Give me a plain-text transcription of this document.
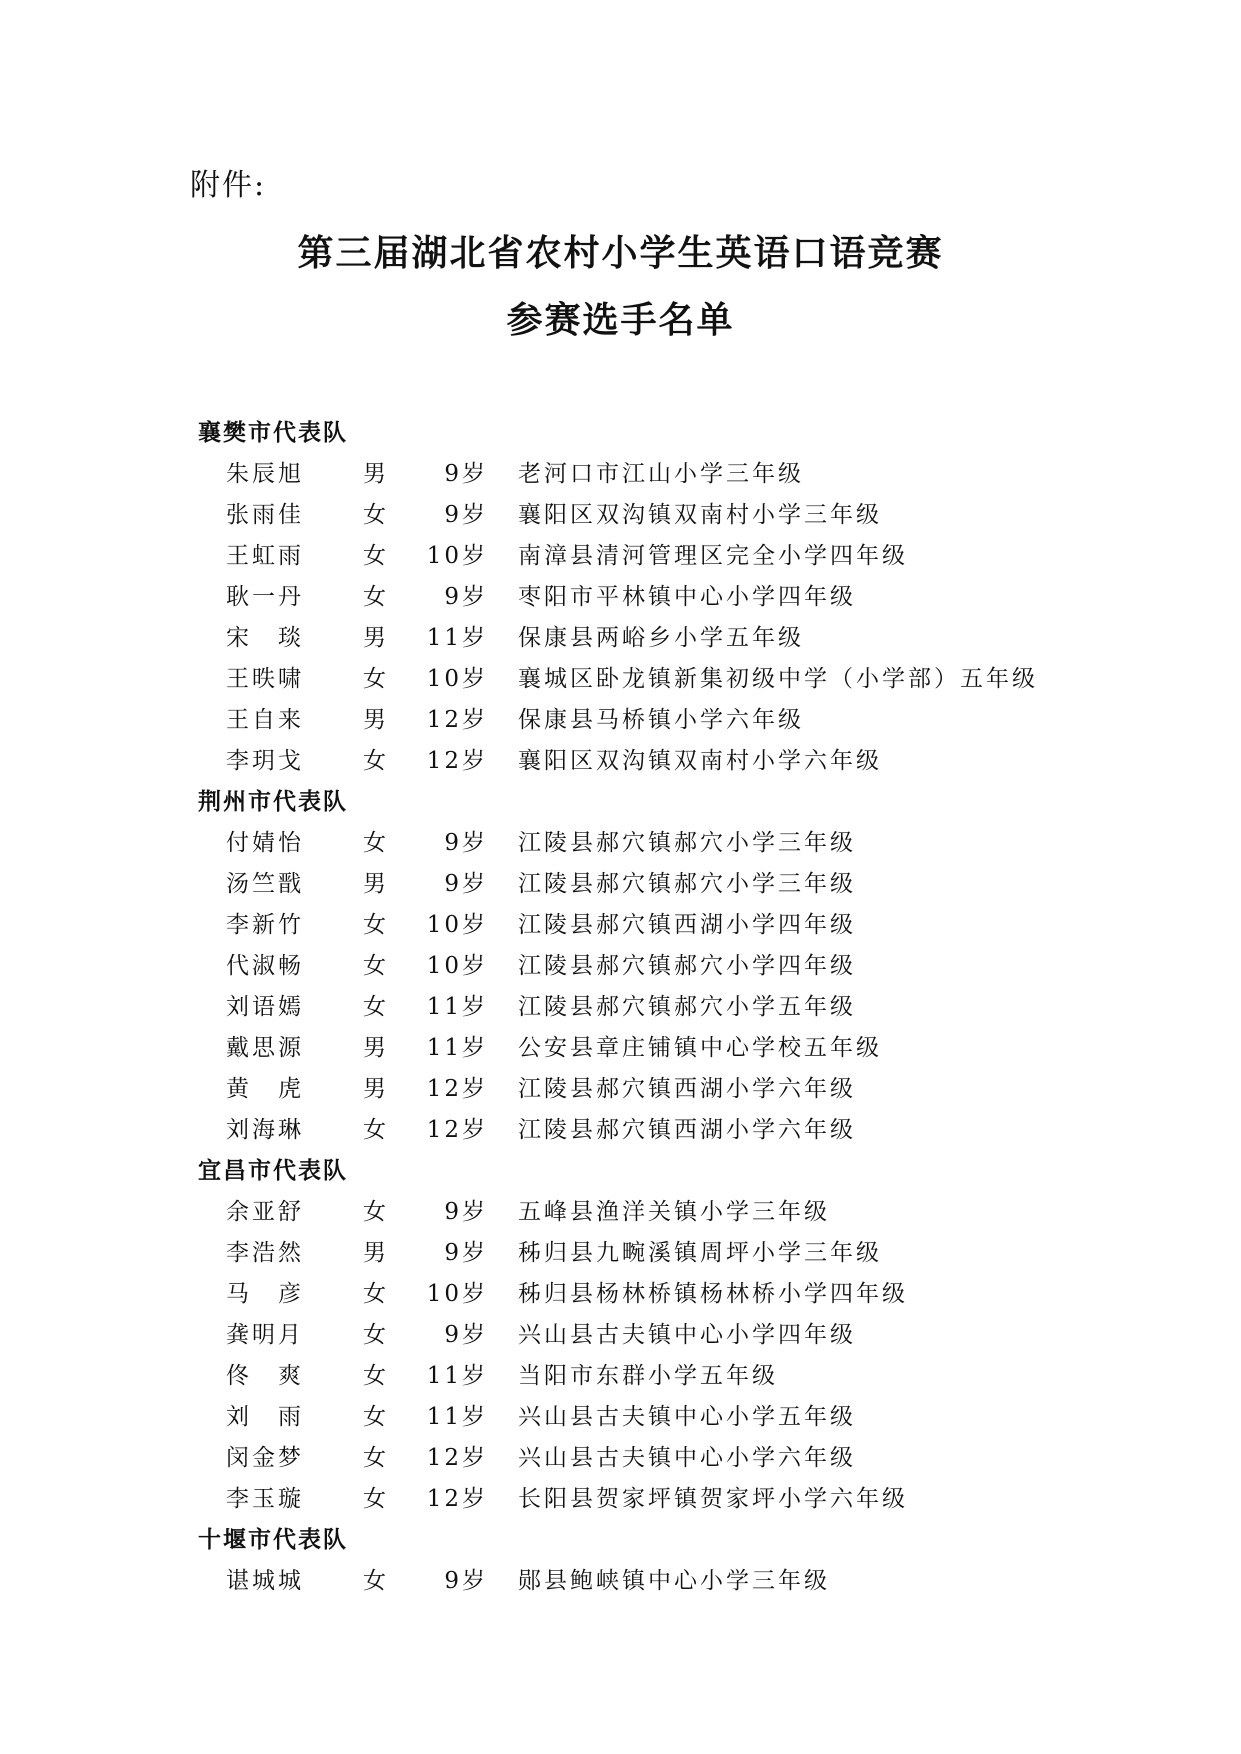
附件:
第三届湖北省农村小学生英语口语竞赛
参赛选手名单
襄樊市代表队
朱辰旭	男	9岁 老河口市江山小学三年级
张雨佳	女	9岁 襄阳区双沟镇双南村小学三年级
王虹雨	女 10岁 南漳县清河管理区完全小学四年级
耿一丹	女	9岁 枣阳市平林镇中心小学四年级
宋　琰	男 11岁 保康县两峪乡小学五年级
王昳啸	女 10岁 襄城区卧龙镇新集初级中学（小学部）五年级
王自来	男 12岁 保康县马桥镇小学六年级
李玥戈	女 12岁 襄阳区双沟镇双南村小学六年级
荆州市代表队
付婧怡	女	9岁 江陵县郝穴镇郝穴小学三年级
汤竺戬	男	9岁 江陵县郝穴镇郝穴小学三年级
李新竹	女 10岁 江陵县郝穴镇西湖小学四年级
代淑畅	女 10岁 江陵县郝穴镇郝穴小学四年级
刘语嫣	女 11岁 江陵县郝穴镇郝穴小学五年级
戴思源	男 11岁 公安县章庄铺镇中心学校五年级
黄　虎	男 12岁 江陵县郝穴镇西湖小学六年级
刘海琳	女 12岁 江陵县郝穴镇西湖小学六年级
宜昌市代表队
余亚舒	女	9岁 五峰县渔洋关镇小学三年级
李浩然	男	9岁 秭归县九畹溪镇周坪小学三年级
马　彦	女 10岁 秭归县杨林桥镇杨林桥小学四年级
龚明月	女	9岁 兴山县古夫镇中心小学四年级
佟　爽	女 11岁 当阳市东群小学五年级
刘　雨	女 11岁 兴山县古夫镇中心小学五年级
闵金梦	女 12岁 兴山县古夫镇中心小学六年级
李玉璇	女 12岁 长阳县贺家坪镇贺家坪小学六年级
十堰市代表队
谌城城	女	9岁 郧县鲍峡镇中心小学三年级
